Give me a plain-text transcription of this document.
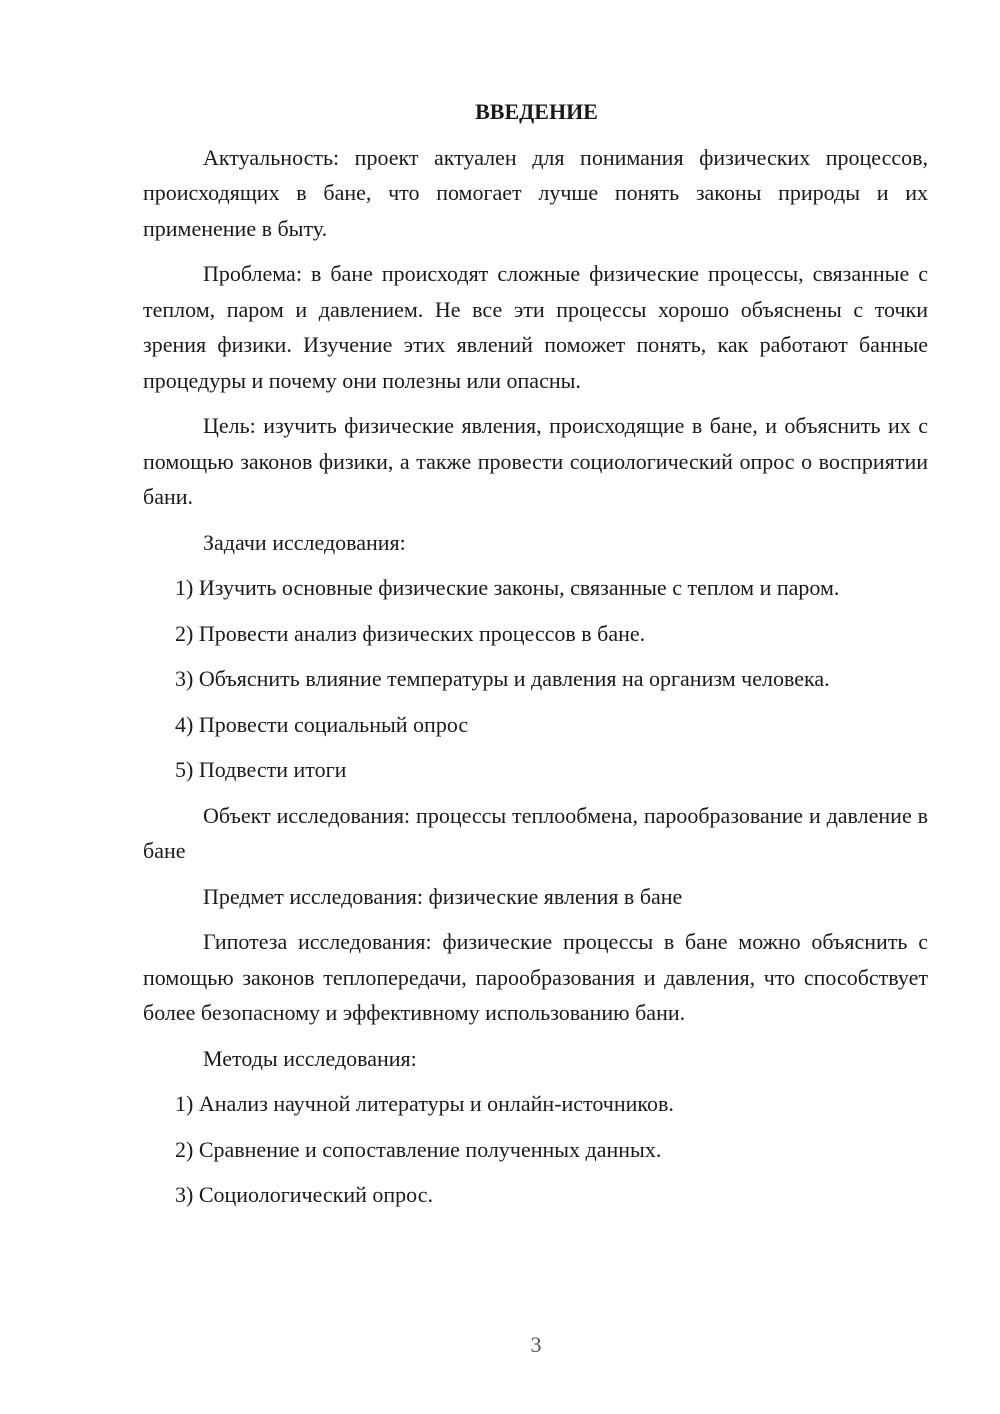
ВВЕДЕНИЕ

Актуальность: проект актуален для понимания физических процессов, происходящих в бане, что помогает лучше понять законы природы и их применение в быту.

Проблема: в бане происходят сложные физические процессы, связанные с теплом, паром и давлением. Не все эти процессы хорошо объяснены с точки зрения физики. Изучение этих явлений поможет понять, как работают банные процедуры и почему они полезны или опасны.

Цель: изучить физические явления, происходящие в бане, и объяснить их с помощью законов физики, а также провести социологический опрос о восприятии бани.

Задачи исследования:

1) Изучить основные физические законы, связанные с теплом и паром.

2) Провести анализ физических процессов в бане.

3) Объяснить влияние температуры и давления на организм человека.

4) Провести социальный опрос

5) Подвести итоги

Объект исследования: процессы теплообмена, парообразование и давление в бане

Предмет исследования: физические явления в бане

Гипотеза исследования: физические процессы в бане можно объяснить с помощью законов теплопередачи, парообразования и давления, что способствует более безопасному и эффективному использованию бани.

Методы исследования:

1) Анализ научной литературы и онлайн-источников.

2) Сравнение и сопоставление полученных данных.

3) Социологический опрос.

3
